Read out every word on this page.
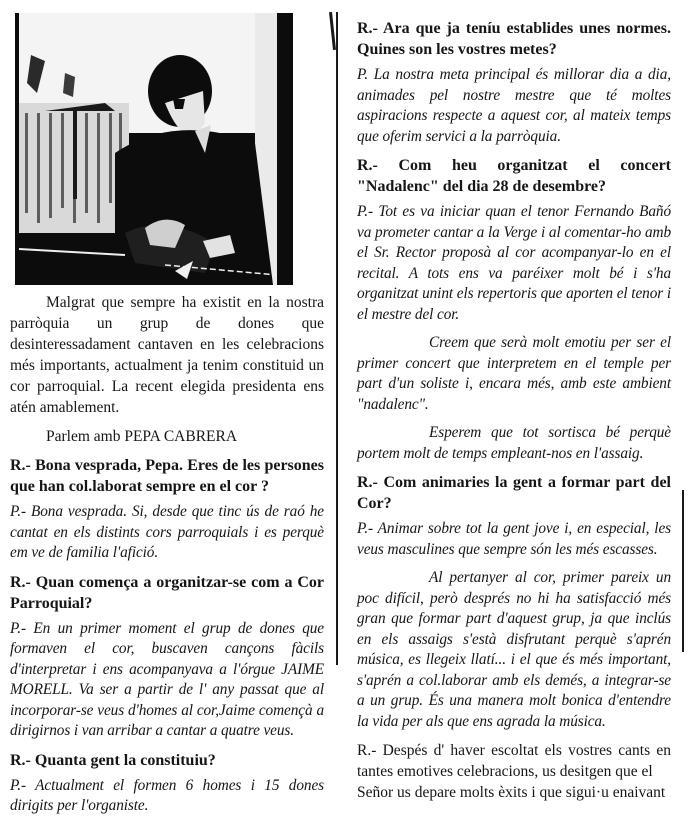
Malgrat que sempre ha existit en la nostra parròquia un grup de dones que desinteressadament cantaven en les celebracions més importants, actualment ja tenim constituid un cor parroquial. La recent elegida presidenta ens atén amablement.

Parlem amb PEPA CABRERA

R.- Bona vesprada, Pepa. Eres de les persones que han col.laborat sempre en el cor ?

P.- Bona vesprada. Si, desde que tinc ús de raó he cantat en els distints cors parroquials i es perquè em ve de familia l'afició.

R.- Quan comença a organitzar-se com a Cor Parroquial?

P.- En un primer moment el grup de dones que formaven el cor, buscaven cançons fàcils d'interpretar i ens acompanyava a l'órgue JAIME MORELL. Va ser a partir de l' any passat que al incorporar-se veus d'homes al cor,Jaime començà a dirigirnos i van arribar a cantar a quatre veus.

R.- Quanta gent la constituiu?

P.- Actualment el formen 6 homes i 15 dones dirigits per l'organiste.

R.- Ara que ja teníu establides unes normes. Quines son les vostres metes?

P. La nostra meta principal és millorar dia a dia, animades pel nostre mestre que té moltes aspiracions respecte a aquest cor, al mateix temps que oferim servici a la parròquia.

R.- Com heu organitzat el concert "Nadalenc" del dia 28 de desembre?

P.- Tot es va iniciar quan el tenor Fernando Bañó va prometer cantar a la Verge i al comentar-ho amb el Sr. Rector proposà al cor acompanyar-lo en el recital. A tots ens va paréixer molt bé i s'ha organitzat unint els repertoris que aporten el tenor i el mestre del cor.

Creem que serà molt emotiu per ser el primer concert que interpretem en el temple per part d'un soliste i, encara més, amb este ambient "nadalenc".

Esperem que tot sortisca bé perquè portem molt de temps empleant-nos en l'assaig.

R.- Com animaries la gent a formar part del Cor?

P.- Animar sobre tot la gent jove i, en especial, les veus masculines que sempre són les més escasses.

Al pertanyer al cor, primer pareix un poc difícil, però després no hi ha satisfacció més gran que formar part d'aquest grup, ja que inclús en els assaigs s'està disfrutant perquè s'aprén música, es llegeix llatí... i el que és més important, s'aprén a col.laborar amb els demés, a integrar-se a un grup. És una manera molt bonica d'entendre la vida per als que ens agrada la música.

R.- Despés d' haver escoltat els vostres cants en tantes emotives celebracions, us desitgen que el

Señor us depare molts èxits i que sigui·u enaivant
